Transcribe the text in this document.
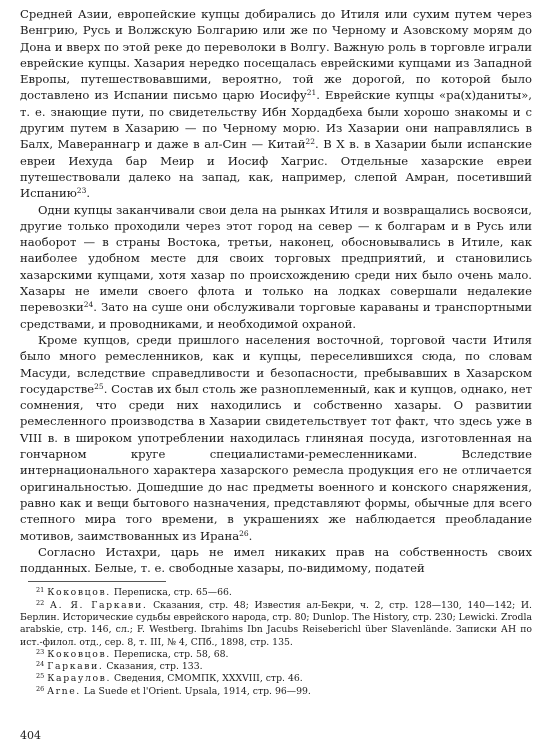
Средней Азии, европейские купцы добирались до Итиля или сухим путем через Венгрию, Русь и Волжскую Болгарию или же по Черному и Азовскому морям до Дона и вверх по этой реке до переволоки в Волгу. Важную роль в торговле играли еврейские купцы. Хазария нередко посещалась еврейскими купцами из Западной Европы, путешествовавшими, вероятно, той же дорогой, по которой было доставлено из Испании письмо царю Иосифу$^{21}$. Еврейские купцы «ра(х)даниты», т. е. знающие пути, по свидетельству Ибн Хордадбеха были хорошо знакомы и с другим путем в Хазарию — по Черному морю. Из Хазарии они направлялись в Балх, Мавераннагр и даже в ал-Син — Китай$^{22}$. В X в. в Хазарии были испанские евреи Иехуда бар Меир и Иосиф Хагрис. Отдельные хазарские евреи путешествовали далеко на запад, как, например, слепой Амран, посетивший Испанию$^{23}$.

Одни купцы заканчивали свои дела на рынках Итиля и возвращались восвояси, другие только проходили через этот город на север — к болгарам и в Русь или наоборот — в страны Востока, третьи, наконец, обосновывались в Итиле, как наиболее удобном месте для своих торговых предприятий, и становились хазарскими купцами, хотя хазар по происхождению среди них было очень мало. Хазары не имели своего флота и только на лодках совершали недалекие перевозки$^{24}$. Зато на суше они обслуживали торговые караваны и транспортными средствами, и проводниками, и необходимой охраной.

Кроме купцов, среди пришлого населения восточной, торговой части Итиля было много ремесленников, как и купцы, переселившихся сюда, по словам Масуди, вследствие справедливости и безопасности, пребывавших в Хазарском государстве$^{25}$. Состав их был столь же разноплеменный, как и купцов, однако, нет сомнения, что среди них находились и собственно хазары. О развитии ремесленного производства в Хазарии свидетельствует тот факт, что здесь уже в VIII в. в широком употреблении находилась глиняная посуда, изготовленная на гончарном круге специалистами-ремесленниками. Вследствие интернационального характера хазарского ремесла продукция его не отличается оригинальностью. Дошедшие до нас предметы военного и конского снаряжения, равно как и вещи бытового назначения, представляют формы, обычные для всего степного мира того времени, в украшениях же наблюдается преобладание мотивов, заимствованных из Ирана$^{26}$.

Согласно Истахри, царь не имел никаких прав на собственность своих подданных. Белые, т. е. свободные хазары, по-видимому, податей

$^{21}$ Коковцов. Переписка, стр. 65—66.

$^{22}$ А. Я. Гаркави. Сказания, стр. 48; Известия ал-Бекри, ч. 2, стр. 128—130, 140—142; И. Берлин. Исторические судьбы еврейского народа, стр. 80; Dunlop. The History, стр. 230; Lewicki. Zrodla arabskie, стр. 146, сл.; F. Westberg. Ibrahims Ibn Jacubs Reiseberichl über Slavenlände. Записки АН по ист.-филол. отд., сер. 8, т. III, № 4, СПб., 1898, стр. 135.

$^{23}$ Коковцов. Переписка, стр. 58, 68.

$^{24}$ Гаркави. Сказания, стр. 133.

$^{25}$ Караулов. Сведения, СМОМПК, XXXVIII, стр. 46.

$^{26}$ Arne. La Suede et l'Orient. Upsala, 1914, стр. 96—99.

404
